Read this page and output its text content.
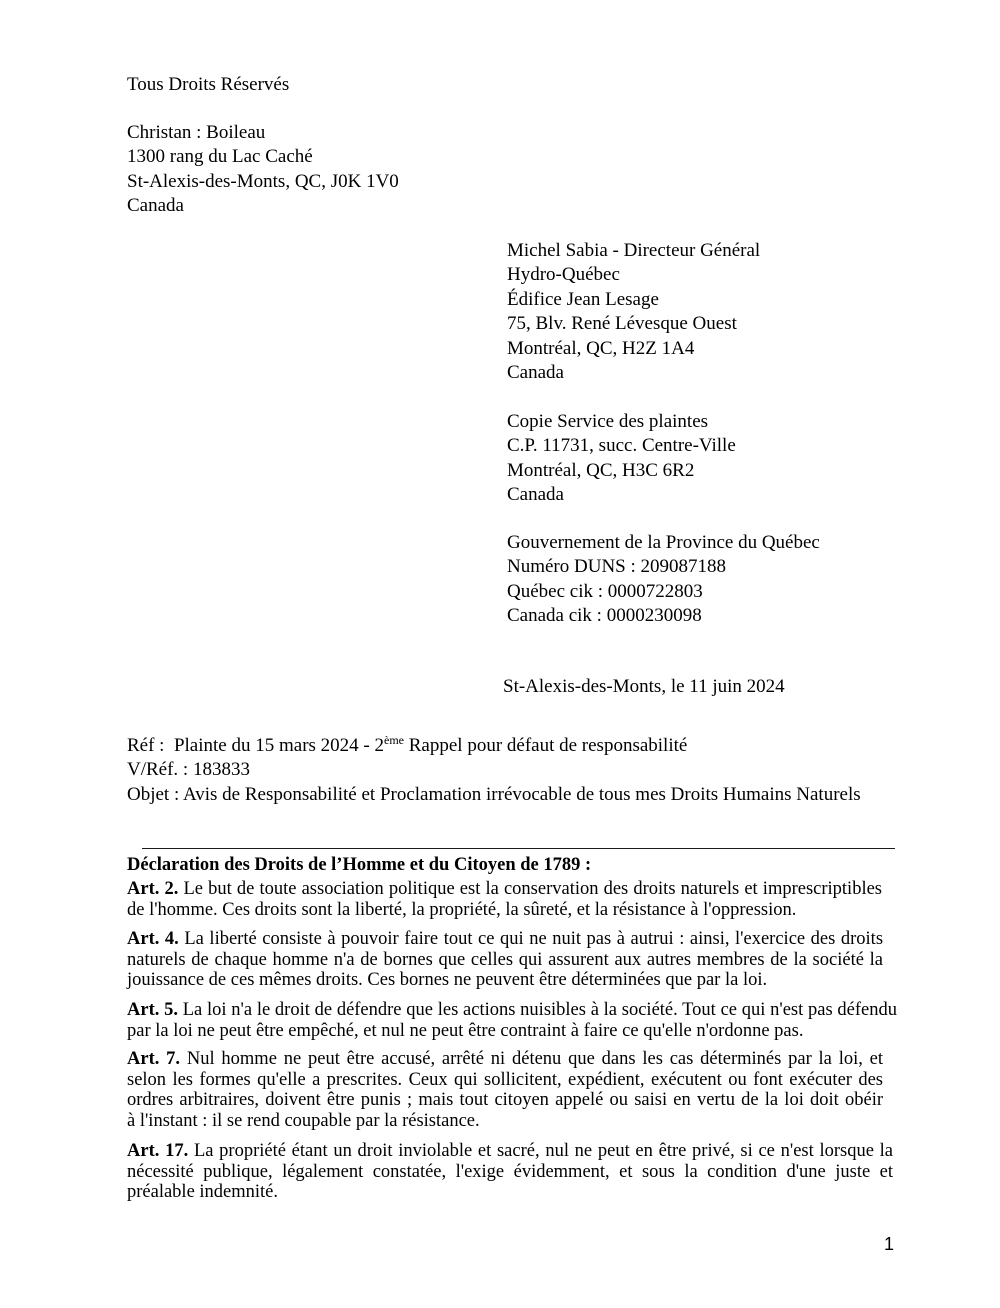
Tous Droits Réservés
Christan : Boileau
1300 rang du Lac Caché
St-Alexis-des-Monts, QC, J0K 1V0
Canada
Michel Sabia - Directeur Général
Hydro-Québec
Édifice Jean Lesage
75, Blv. René Lévesque Ouest
Montréal, QC, H2Z 1A4
Canada
Copie Service des plaintes
C.P. 11731, succ. Centre-Ville
Montréal, QC, H3C 6R2
Canada
Gouvernement de la Province du Québec
Numéro DUNS : 209087188
Québec cik : 0000722803
Canada cik : 0000230098
St-Alexis-des-Monts, le 11 juin 2024
Réf :  Plainte du 15 mars 2024 - 2ème Rappel pour défaut de responsabilité
V/Réf. : 183833
Objet : Avis de Responsabilité et Proclamation irrévocable de tous mes Droits Humains Naturels
Déclaration des Droits de l’Homme et du Citoyen de 1789 :
Art. 2. Le but de toute association politique est la conservation des droits naturels et imprescriptibles
de l'homme. Ces droits sont la liberté, la propriété, la sûreté, et la résistance à l'oppression.
Art. 4. La liberté consiste à pouvoir faire tout ce qui ne nuit pas à autrui : ainsi, l'exercice des droits
naturels de chaque homme n'a de bornes que celles qui assurent aux autres membres de la société la
jouissance de ces mêmes droits. Ces bornes ne peuvent être déterminées que par la loi.
Art. 5. La loi n'a le droit de défendre que les actions nuisibles à la société. Tout ce qui n'est pas défendu
par la loi ne peut être empêché, et nul ne peut être contraint à faire ce qu'elle n'ordonne pas.
Art. 7. Nul homme ne peut être accusé, arrêté ni détenu que dans les cas déterminés par la loi, et
selon les formes qu'elle a prescrites. Ceux qui sollicitent, expédient, exécutent ou font exécuter des
ordres arbitraires, doivent être punis ; mais tout citoyen appelé ou saisi en vertu de la loi doit obéir
à l'instant : il se rend coupable par la résistance.
Art. 17. La propriété étant un droit inviolable et sacré, nul ne peut en être privé, si ce n'est lorsque la
nécessité publique, légalement constatée, l'exige évidemment, et sous la condition d'une juste et
préalable indemnité.
1
